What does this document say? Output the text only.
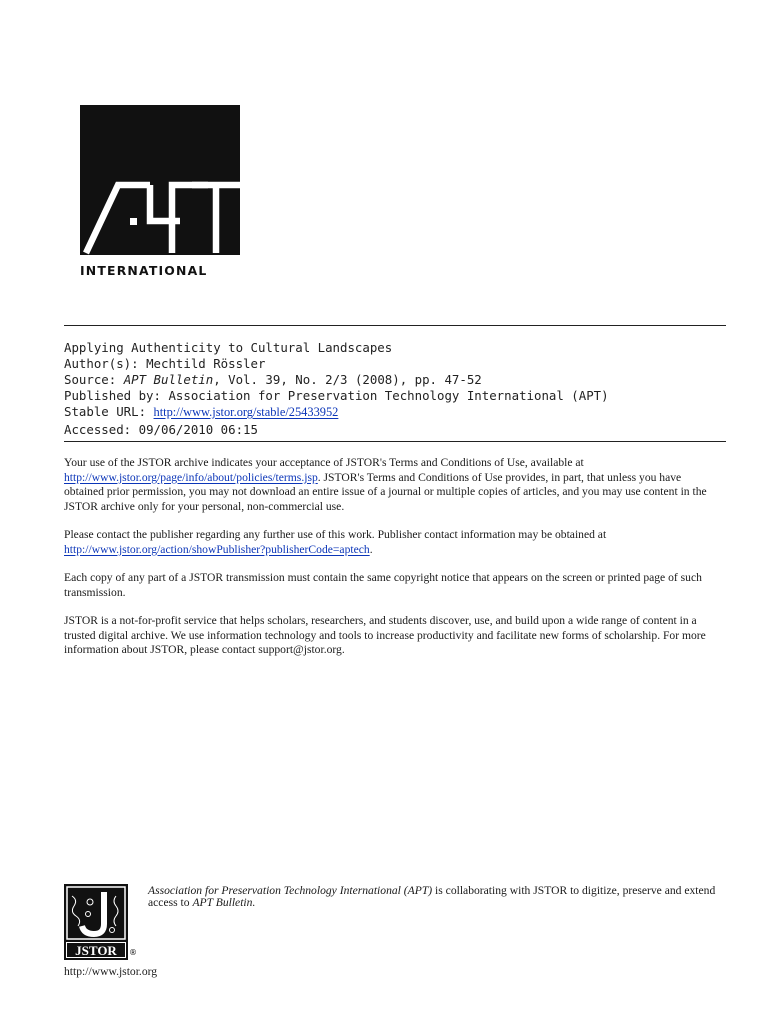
INTERNATIONAL
Applying Authenticity to Cultural Landscapes
Author(s): Mechtild Rössler
Source: APT Bulletin, Vol. 39, No. 2/3 (2008), pp. 47-52
Published by: Association for Preservation Technology International (APT)
Stable URL: http://www.jstor.org/stable/25433952
Accessed: 09/06/2010 06:15

Your use of the JSTOR archive indicates your acceptance of JSTOR's Terms and Conditions of Use, available at http://www.jstor.org/page/info/about/policies/terms.jsp. JSTOR's Terms and Conditions of Use provides, in part, that unless you have obtained prior permission, you may not download an entire issue of a journal or multiple copies of articles, and you may use content in the JSTOR archive only for your personal, non-commercial use.

Please contact the publisher regarding any further use of this work. Publisher contact information may be obtained at http://www.jstor.org/action/showPublisher?publisherCode=aptech.

Each copy of any part of a JSTOR transmission must contain the same copyright notice that appears on the screen or printed page of such transmission.

JSTOR is a not-for-profit service that helps scholars, researchers, and students discover, use, and build upon a wide range of content in a trusted digital archive. We use information technology and tools to increase productivity and facilitate new forms of scholarship. For more information about JSTOR, please contact support@jstor.org.

JSTOR ®
http://www.jstor.org
Association for Preservation Technology International (APT) is collaborating with JSTOR to digitize, preserve and extend access to APT Bulletin.
